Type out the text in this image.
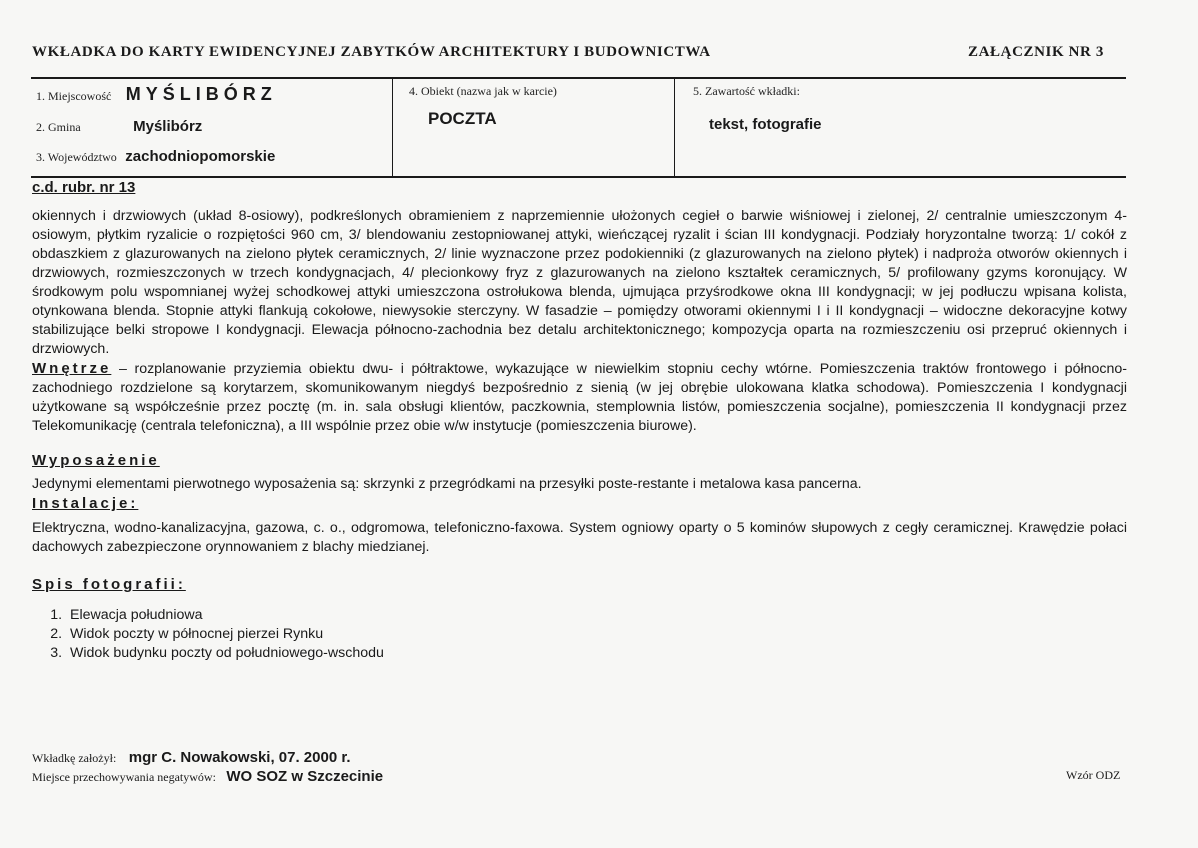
WKŁADKA DO KARTY EWIDENCYJNEJ ZABYTKÓW ARCHITEKTURY I BUDOWNICTWA	ZAŁĄCZNIK NR 3
1. Miejscowość MYŚLIBÓRZ
2. Gmina	Myślibórz
3. Województwo zachodniopomorskie
4. Obiekt (nazwa jak w karcie)
POCZTA
5. Zawartość wkładki:
tekst, fotografie
c.d. rubr. nr 13

okiennych i drzwiowych (układ 8-osiowy), podkreślonych obramieniem z naprzemiennie ułożonych cegieł o barwie wiśniowej i zielonej, 2/ centralnie umieszczonym 4-osiowym, płytkim ryzalicie o rozpiętości 960 cm, 3/ blendowaniu zestopniowanej attyki, wieńczącej ryzalit i ścian III kondygnacji. Podziały horyzontalne tworzą: 1/ cokół z obdaszkiem z glazurowanych na zielono płytek ceramicznych, 2/ linie wyznaczone przez podokienniki (z glazurowanych na zielono płytek) i nadproża otworów okiennych i drzwiowych, rozmieszczonych w trzech kondygnacjach, 4/ plecionkowy fryz z glazurowanych na zielono kształtek ceramicznych, 5/ profilowany gzyms koronujący. W środkowym polu wspomnianej wyżej schodkowej attyki umieszczona ostrołukowa blenda, ujmująca przyśrodkowe okna III kondygnacji; w jej podłuczu wpisana kolista, otynkowana blenda. Stopnie attyki flankują cokołowe, niewysokie sterczyny. W fasadzie – pomiędzy otworami okiennymi I i II kondygnacji – widoczne dekoracyjne kotwy stabilizujące belki stropowe I kondygnacji. Elewacja północno-zachodnia bez detalu architektonicznego; kompozycja oparta na rozmieszczeniu osi przepruć okiennych i drzwiowych.

Wnętrze – rozplanowanie przyziemia obiektu dwu- i półtraktowe, wykazujące w niewielkim stopniu cechy wtórne. Pomieszczenia traktów frontowego i północno-zachodniego rozdzielone są korytarzem, skomunikowanym niegdyś bezpośrednio z sienią (w jej obrębie ulokowana klatka schodowa). Pomieszczenia I kondygnacji użytkowane są współcześnie przez pocztę (m. in. sala obsługi klientów, paczkownia, stemplownia listów, pomieszczenia socjalne), pomieszczenia II kondygnacji przez Telekomunikację (centrala telefoniczna), a III wspólnie przez obie w/w instytucje (pomieszczenia biurowe).

Wyposażenie

Jedynymi elementami pierwotnego wyposażenia są: skrzynki z przegródkami na przesyłki poste-restante i metalowa kasa pancerna.

Instalacje:

Elektryczna, wodno-kanalizacyjna, gazowa, c. o., odgromowa, telefoniczno-faxowa. System ogniowy oparty o 5 kominów słupowych z cegły ceramicznej. Krawędzie połaci dachowych zabezpieczone orynnowaniem z blachy miedzianej.

Spis fotografii:
1. Elewacja południowa
2. Widok poczty w północnej pierzei Rynku
3. Widok budynku poczty od południowego-wschodu
Wkładkę założył: mgr C. Nowakowski, 07. 2000 r.
Miejsce przechowywania negatywów: WO SOZ w Szczecinie	Wzór ODZ
